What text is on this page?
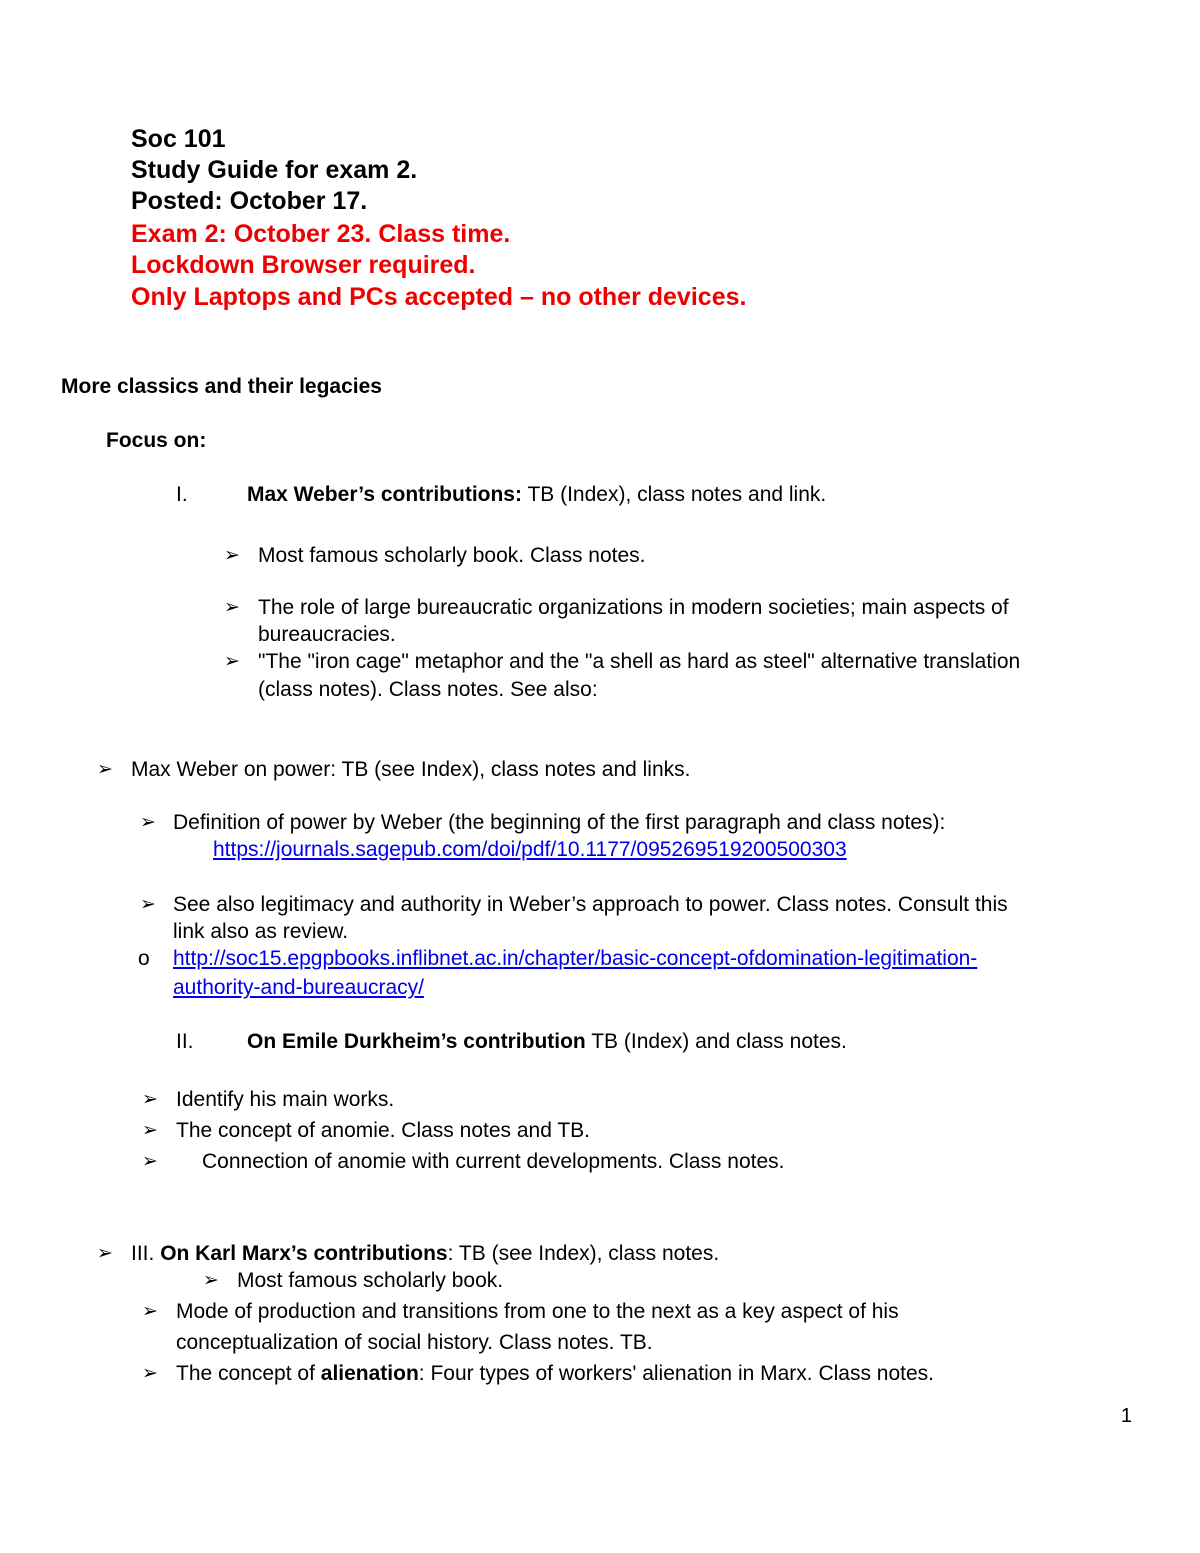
Soc 101
Study Guide for exam 2.
Posted: October 17.
Exam 2: October 23. Class time.
Lockdown Browser required.
Only Laptops and PCs accepted – no other devices.
More classics and their legacies
Focus on:
I.	Max Weber’s contributions: TB (Index), class notes and link.
➢ Most famous scholarly book. Class notes.
➢ The role of large bureaucratic organizations in modern societies; main aspects of
bureaucracies.
➢ "The "iron cage" metaphor and the "a shell as hard as steel" alternative translation
(class notes). Class notes. See also:
➢ Max Weber on power: TB (see Index), class notes and links.
➢ Definition of power by Weber (the beginning of the first paragraph and class notes):
https://journals.sagepub.com/doi/pdf/10.1177/095269519200500303
➢ See also legitimacy and authority in Weber’s approach to power. Class notes. Consult this
link also as review.
o http://soc15.epgpbooks.inflibnet.ac.in/chapter/basic-concept-ofdomination-legitimation-
authority-and-bureaucracy/
II.	On Emile Durkheim’s contribution TB (Index) and class notes.
➢ Identify his main works.
➢ The concept of anomie. Class notes and TB.
➢ Connection of anomie with current developments. Class notes.
➢ III. On Karl Marx’s contributions: TB (see Index), class notes.
➢ Most famous scholarly book.
➢ Mode of production and transitions from one to the next as a key aspect of his
conceptualization of social history. Class notes. TB.
➢ The concept of alienation: Four types of workers' alienation in Marx. Class notes.
1
